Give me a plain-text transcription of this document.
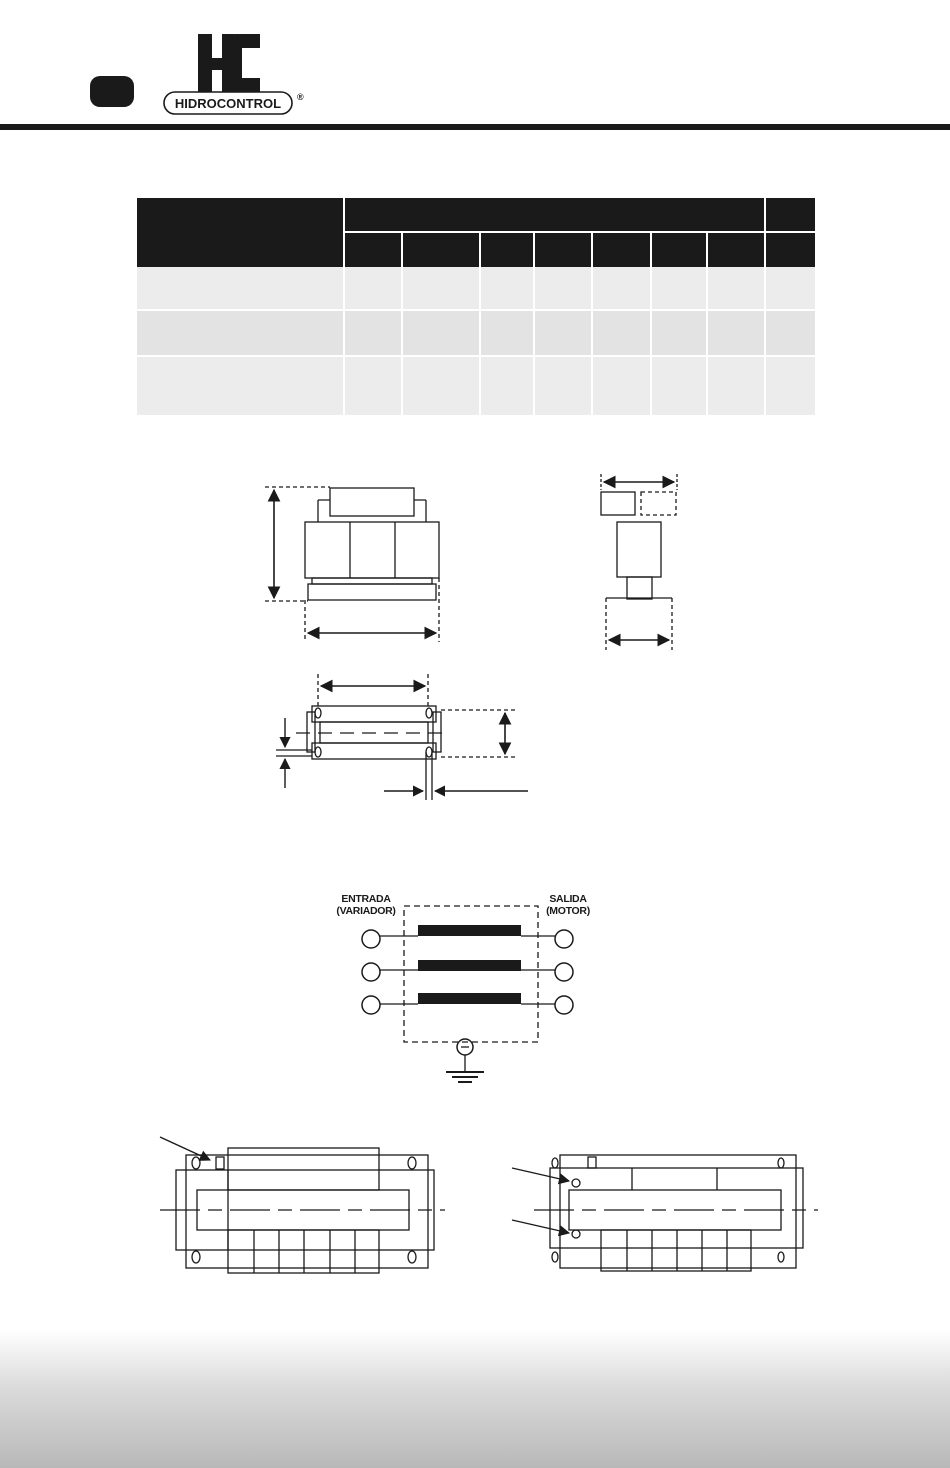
HIDROCONTROL ®
ENTRADA
(VARIADOR)
SALIDA
(MOTOR)
